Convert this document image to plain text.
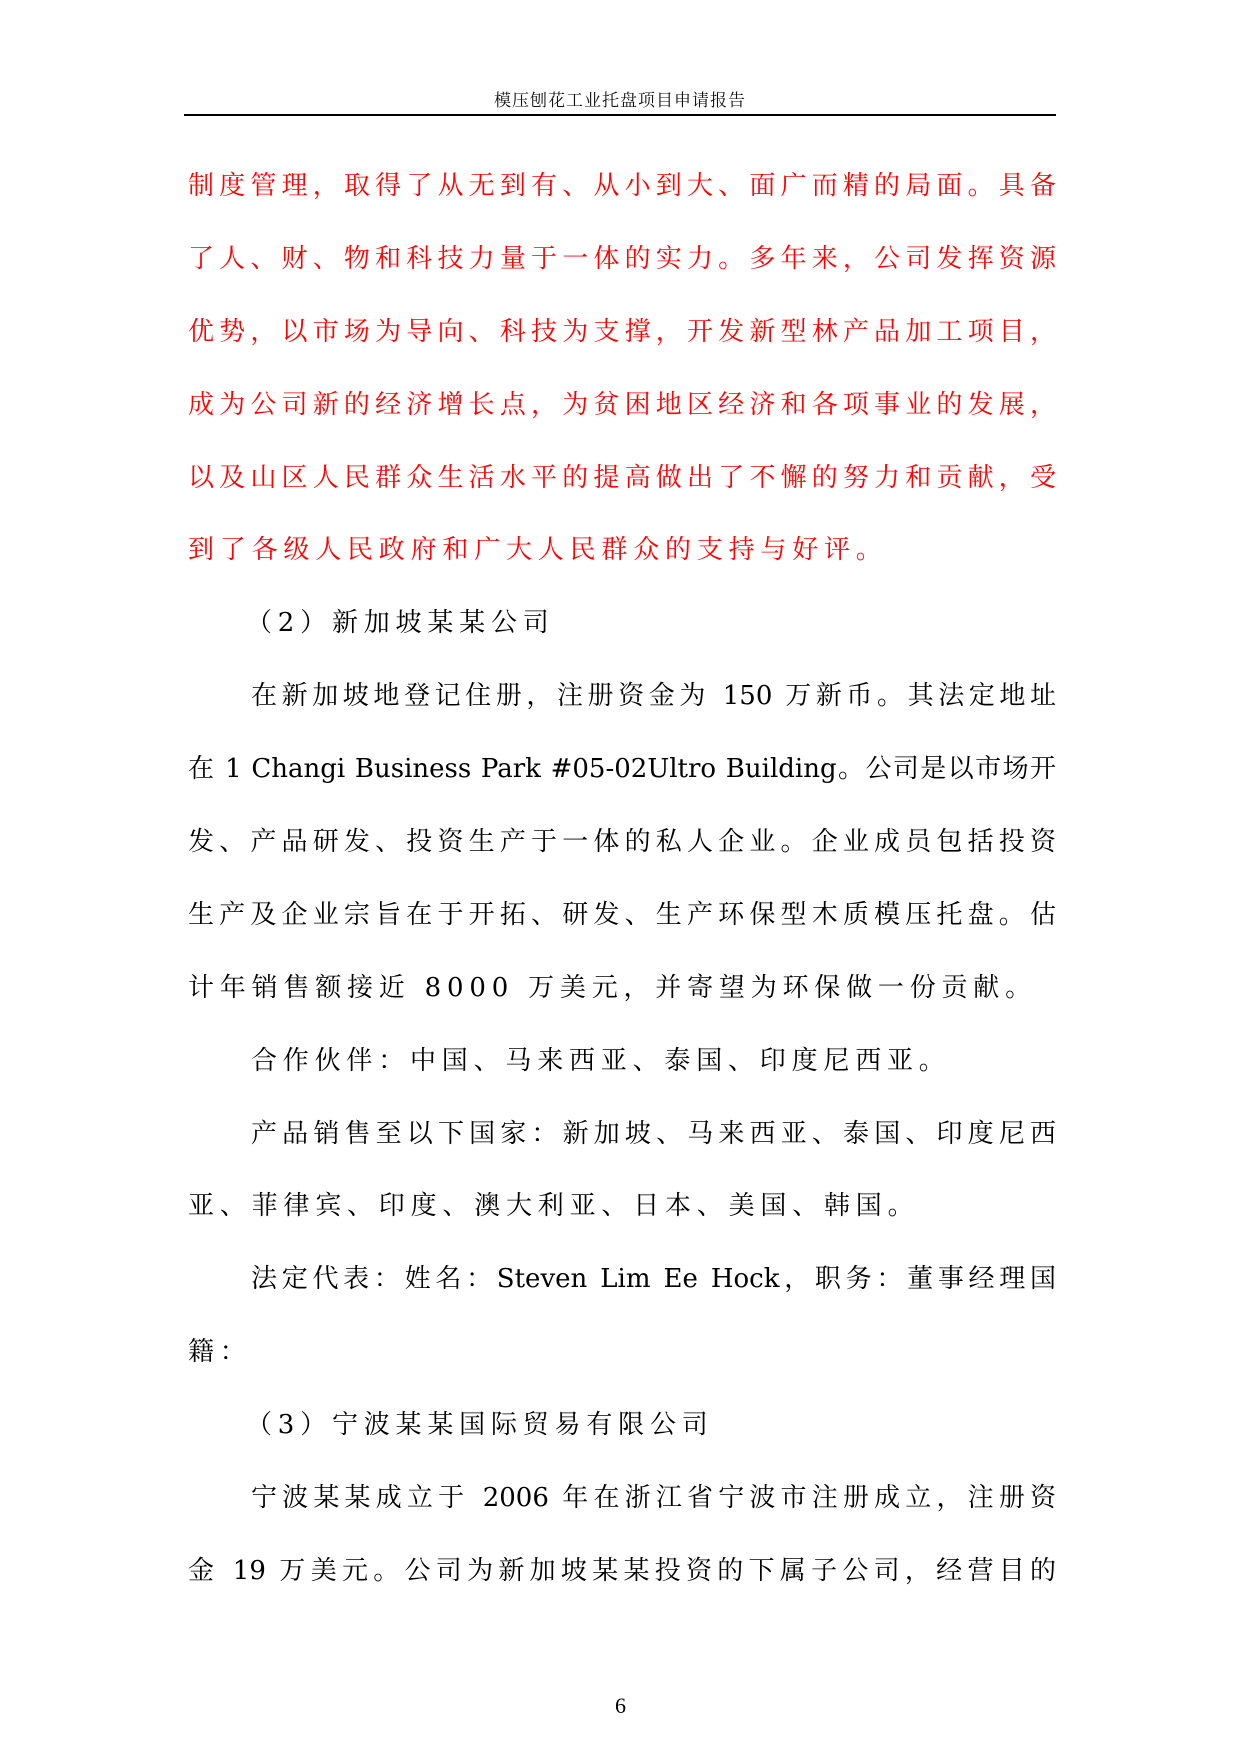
模压刨花工业托盘项目申请报告
制度管理，取得了从无到有、从小到大、面广而精的局面。具备
了人、财、物和科技力量于一体的实力。多年来，公司发挥资源
优势，以市场为导向、科技为支撑，开发新型林产品加工项目，
成为公司新的经济增长点，为贫困地区经济和各项事业的发展，
以及山区人民群众生活水平的提高做出了不懈的努力和贡献，受
到了各级人民政府和广大人民群众的支持与好评。
（2）新加坡某某公司
在新加坡地登记住册，注册资金为 150 万新币。其法定地址
在 1 Changi Business Park #05-02Ultro Building。公司是以市场开
发、产品研发、投资生产于一体的私人企业。企业成员包括投资
生产及企业宗旨在于开拓、研发、生产环保型木质模压托盘。估
计年销售额接近 8000 万美元，并寄望为环保做一份贡献。
合作伙伴：中国、马来西亚、泰国、印度尼西亚。
产品销售至以下国家：新加坡、马来西亚、泰国、印度尼西
亚、菲律宾、印度、澳大利亚、日本、美国、韩国。
法定代表：姓名：Steven Lim Ee Hock，职务：董事经理国
籍：
（3）宁波某某国际贸易有限公司
宁波某某成立于 2006 年在浙江省宁波市注册成立，注册资
金 19 万美元。公司为新加坡某某投资的下属子公司，经营目的
6
